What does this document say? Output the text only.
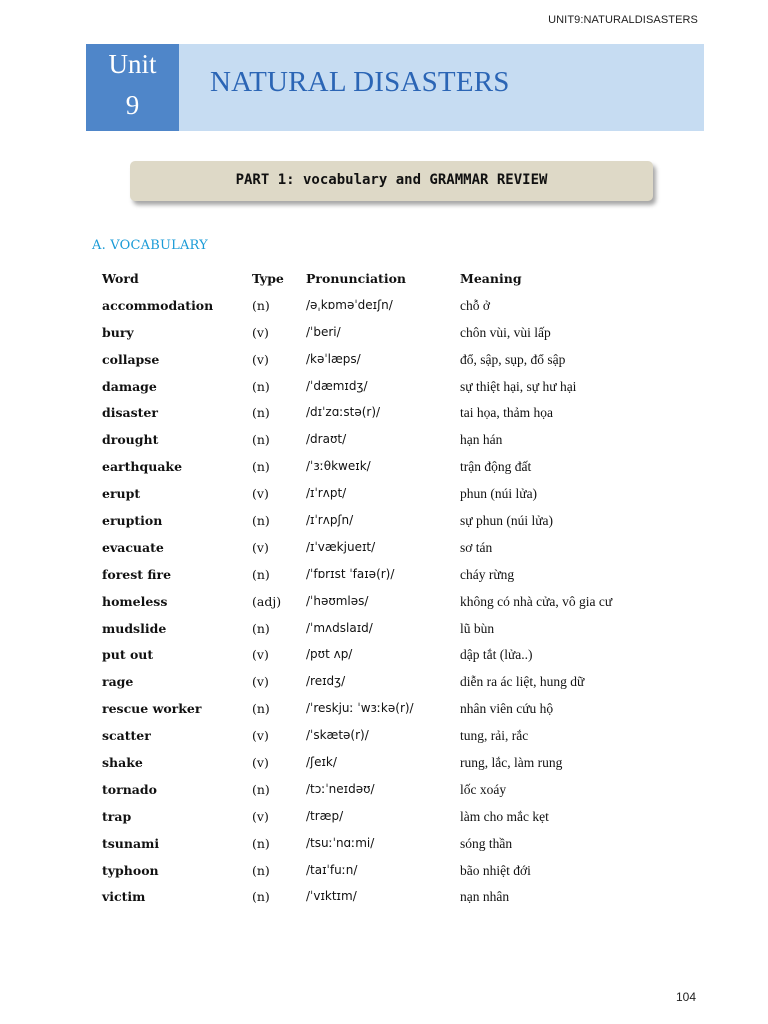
UNIT9:NATURALDISASTERS
Unit
9
NATURAL DISASTERS
PART 1: vocabulary and GRAMMAR REVIEW
A. VOCABULARY
Word	Type Pronunciation	Meaning
accommodation	(n)	/əˌkɒməˈdeɪʃn/	chỗ ở
bury	(v)	/ˈberi/	chôn vùi, vùi lấp
collapse	(v)	/kəˈlæps/	đổ, sập, sụp, đổ sập
damage	(n)	/ˈdæmɪdʒ/	sự thiệt hại, sự hư hại
disaster	(n)	/dɪˈzɑːstə(r)/	tai họa, thảm họa
drought	(n)	/draʊt/	hạn hán
earthquake	(n)	/ˈɜːθkweɪk/	trận động đất
erupt	(v)	/ɪˈrʌpt/	phun (núi lửa)
eruption	(n)	/ɪˈrʌpʃn/	sự phun (núi lửa)
evacuate	(v)	/ɪˈvækjueɪt/	sơ tán
forest fire	(n)	/ˈfɒrɪst ˈfaɪə(r)/	cháy rừng
homeless	(adj) /ˈhəʊmləs/	không có nhà cửa, vô gia cư
mudslide	(n)	/ˈmʌdslaɪd/	lũ bùn
put out	(v)	/pʊt ʌp/	dập tắt (lửa..)
rage	(v)	/reɪdʒ/	diễn ra ác liệt, hung dữ
rescue worker	(n)	/ˈreskjuː ˈwɜːkə(r)/	nhân viên cứu hộ
scatter	(v)	/ˈskætə(r)/	tung, rải, rắc
shake	(v)	/ʃeɪk/	rung, lắc, làm rung
tornado	(n)	/tɔːˈneɪdəʊ/	lốc xoáy
trap	(v)	/træp/	làm cho mắc kẹt
tsunami	(n)	/tsuːˈnɑːmi/	sóng thần
typhoon	(n)	/taɪˈfuːn/	bão nhiệt đới
victim	(n)	/ˈvɪktɪm/	nạn nhân
104
